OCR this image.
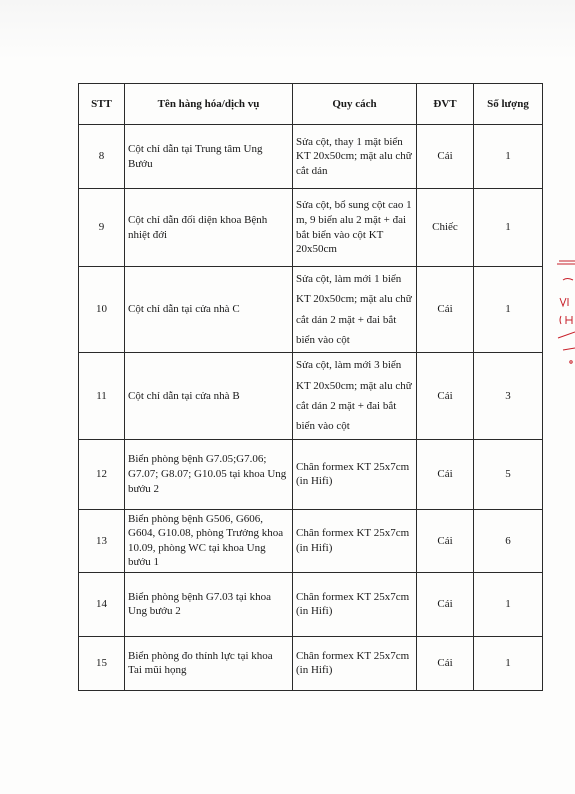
STT	Tên hàng hóa/dịch vụ	Quy cách	ĐVT	Số lượng
8	Cột chỉ dẫn tại Trung tâm Ung Bướu	Sửa cột, thay 1 mặt biển KT 20x50cm; mặt alu chữ cắt dán	Cái	1
9	Cột chỉ dẫn đối diện khoa Bệnh nhiệt đới	Sửa cột, bổ sung cột cao 1 m, 9 biển alu 2 mặt + đai bắt biển vào cột KT 20x50cm	Chiếc	1
10	Cột chỉ dẫn tại cửa nhà C	Sửa cột, làm mới 1 biển KT 20x50cm; mặt alu chữ cắt dán 2 mặt + đai bắt biển vào cột	Cái	1
11	Cột chỉ dẫn tại cửa nhà B	Sửa cột, làm mới 3 biển KT 20x50cm; mặt alu chữ cắt dán 2 mặt + đai bắt biển vào cột	Cái	3
12	Biển phòng bệnh G7.05;G7.06; G7.07; G8.07; G10.05 tại khoa Ung bướu 2	Chân formex KT 25x7cm (in Hifi)	Cái	5
13	Biển phòng bệnh G506, G606, G604, G10.08, phòng Trưởng khoa 10.09, phòng WC tại khoa Ung bướu 1	Chân formex KT 25x7cm (in Hifi)	Cái	6
14	Biển phòng bệnh G7.03 tại khoa Ung bướu 2	Chân formex KT 25x7cm (in Hifi)	Cái	1
15	Biển phòng đo thính lực tại khoa Tai mũi họng	Chân formex KT 25x7cm (in Hifi)	Cái	1
